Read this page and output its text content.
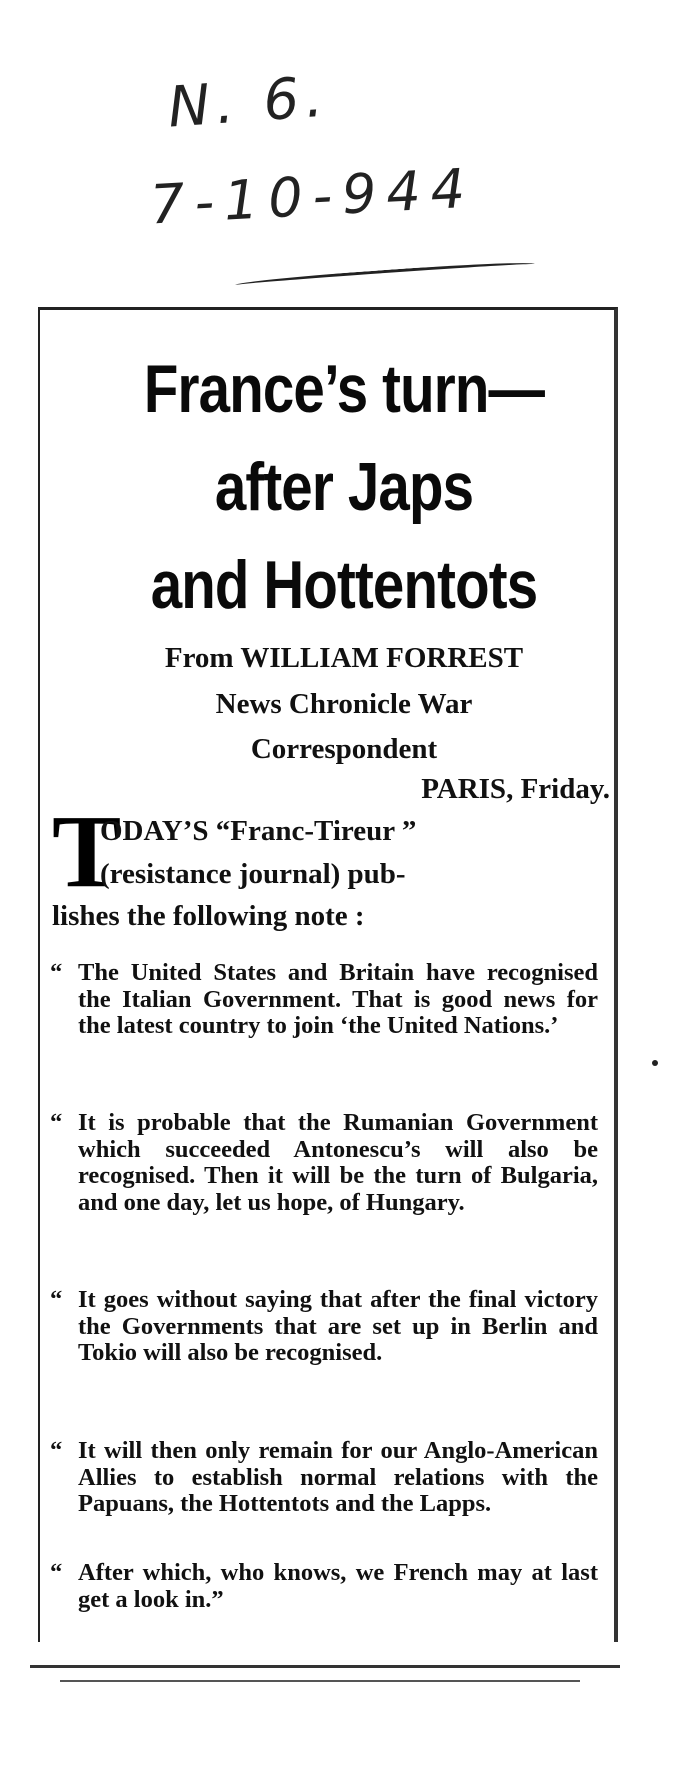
N. 6.
7-10-944
France’s turn—
after Japs
and Hottentots
From WILLIAM FORREST
News Chronicle War
Correspondent
PARIS, Friday.
T
ODAY’S “Franc-Tireur ”
(resistance journal) pub-
lishes the following note :
“ The United States and Britain have recognised the Italian Government. That is good news for the latest country to join ‘the United Nations.’
“ It is probable that the Rumanian Government which succeeded Antonescu’s will also be recognised. Then it will be the turn of Bulgaria, and one day, let us hope, of Hungary.
“ It goes without saying that after the final victory the Governments that are set up in Berlin and Tokio will also be recognised.
“ It will then only remain for our Anglo-American Allies to establish normal relations with the Papuans, the Hottentots and the Lapps.
“ After which, who knows, we French may at last get a look in.”
